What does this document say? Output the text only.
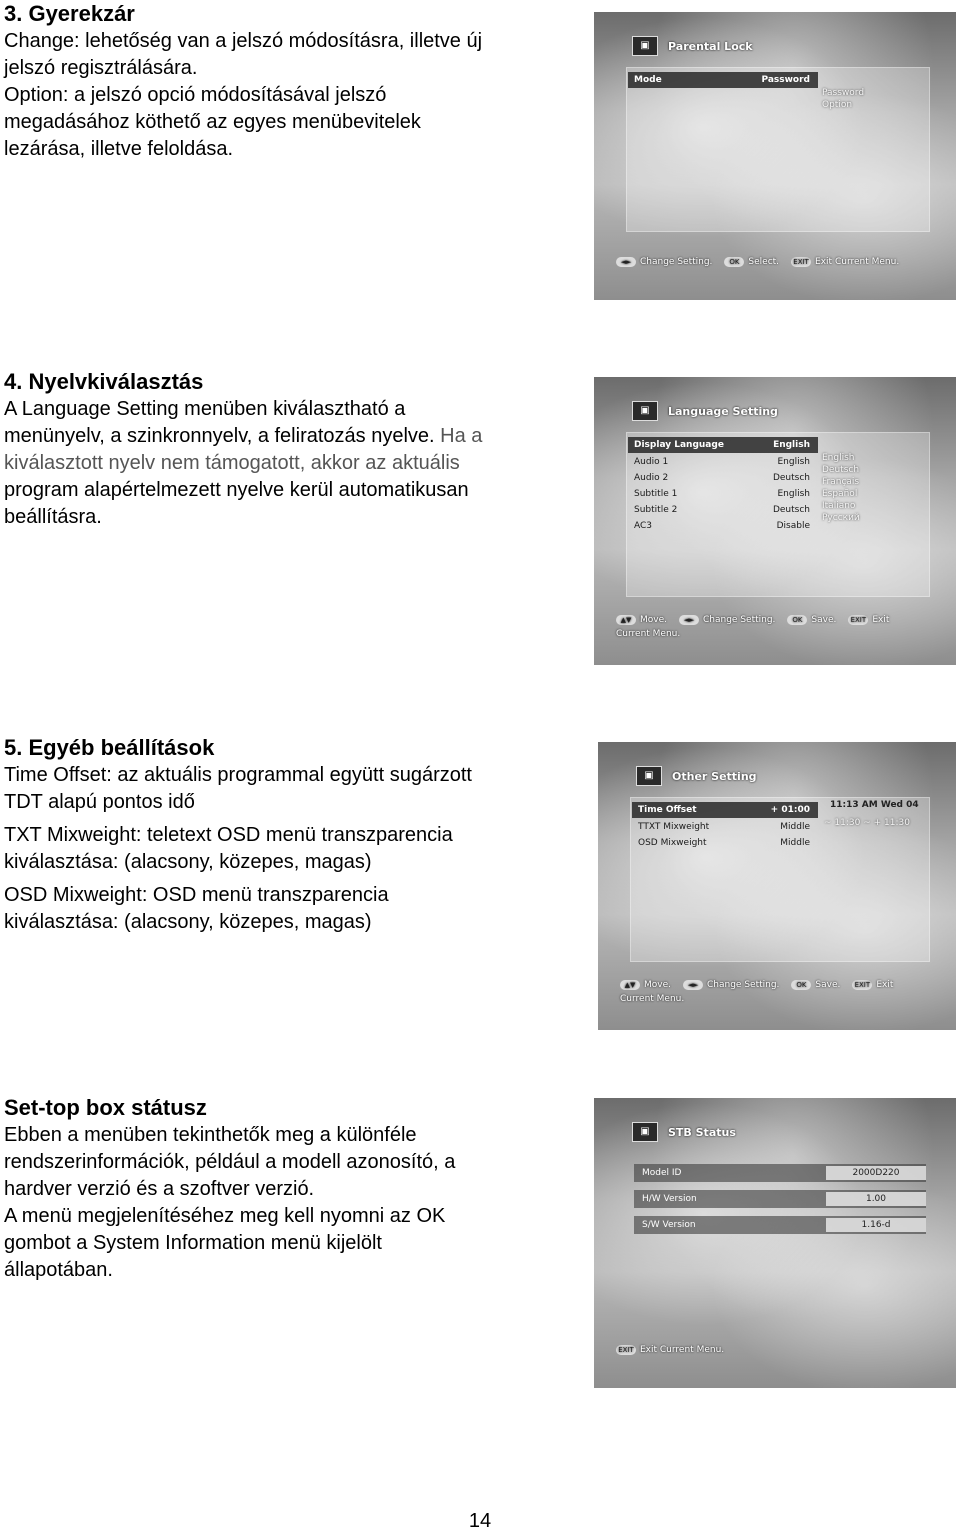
3. Gyerekzár

Change: lehetőség van a jelszó módosításra, illetve új

jelszó regisztrálására.

Option: a jelszó opció módosításával jelszó

megadásához köthető az egyes menübevitelek

lezárása, illetve feloldása.

▣	Parental Lock
Mode	Password
Password
Option
◄► Change Setting.	OK Select.	EXIT Exit Current Menu.
4. Nyelvkiválasztás

A Language Setting menüben kiválasztható a

menünyelv, a szinkronnyelv, a feliratozás nyelve. Ha a

kiválasztott nyelv nem támogatott, akkor az aktuális

program alapértelmezett nyelve kerül automatikusan

beállításra.

▣	Language Setting
Display Language	English
Audio 1	English
Audio 2	Deutsch
Subtitle 1	English
Subtitle 2	Deutsch
AC3	Disable
English
Deutsch
Français
Español
Italiano
Русский
▲▼ Move.	◄► Change Setting.	OK Save.	EXIT Exit
Current Menu.
5. Egyéb beállítások

Time Offset: az aktuális programmal együtt sugárzott

TDT alapú pontos idő

TXT Mixweight: teletext OSD menü transzparencia

kiválasztása: (alacsony, közepes, magas)

OSD Mixweight: OSD menü transzparencia

kiválasztása: (alacsony, közepes, magas)

▣	Other Setting
Time Offset	+ 01:00
TTXT Mixweight	Middle
OSD Mixweight	Middle
11:13 AM Wed 04
~ 11:30 ~ + 11:30
▲▼ Move.	◄► Change Setting.	OK Save.	EXIT Exit
Current Menu.
Set-top box státusz

Ebben a menüben tekinthetők meg a különféle

rendszerinformációk, például a modell azonosító, a

hardver verzió és a szoftver verzió.

A menü megjelenítéséhez meg kell nyomni az OK

gombot a System Information menü kijelölt

állapotában.

▣	STB Status
Model ID	2000D220
H/W Version	1.00
S/W Version	1.16-d
EXIT Exit Current Menu.
14
